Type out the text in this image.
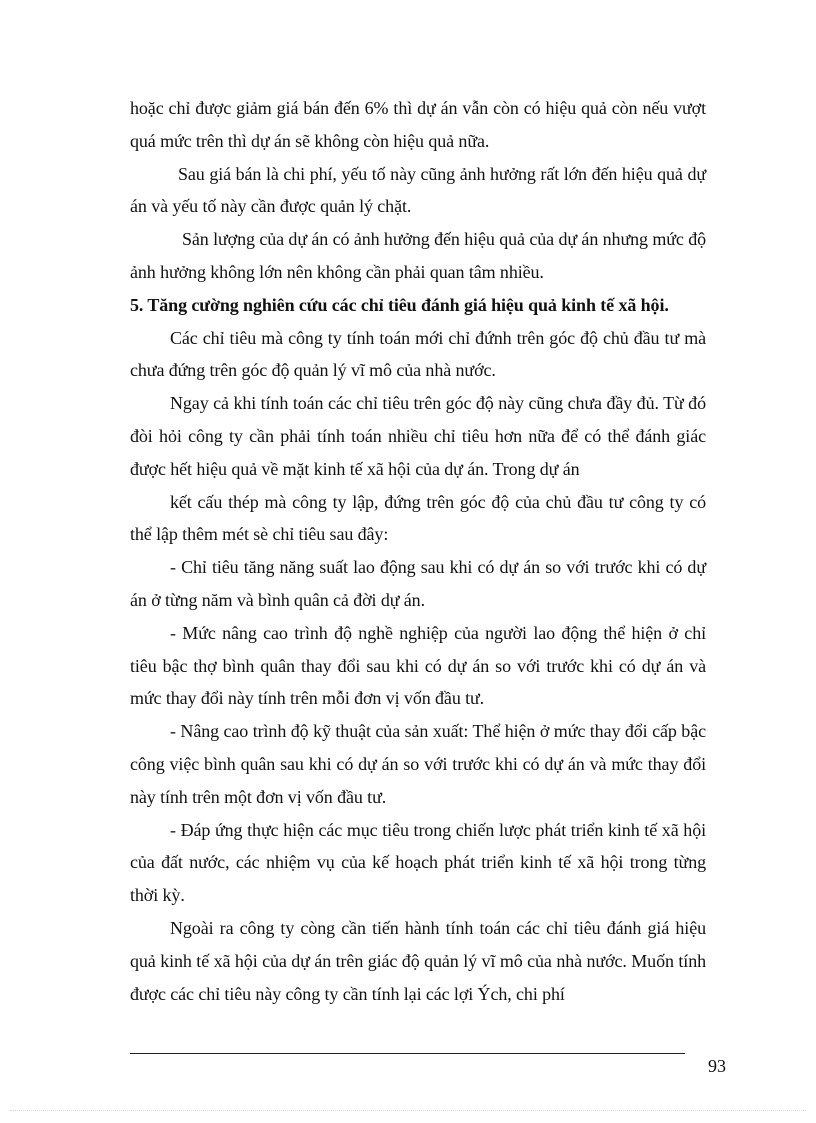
hoặc chỉ được giảm giá bán đến 6% thì dự án vẫn còn có hiệu quả còn nếu vượt quá mức trên thì dự án sẽ không còn hiệu quả nữa.

Sau giá bán là chi phí, yếu tố này cũng ảnh hưởng rất lớn đến hiệu quả dự án và yếu tố này cần được quản lý chặt.

Sản lượng của dự án có ảnh hưởng đến hiệu quả của dự án nhưng mức độ ảnh hưởng không lớn nên không cần phải quan tâm nhiều.

5. Tăng cường nghiên cứu các chỉ tiêu đánh giá hiệu quả kinh tế xã hội.

Các chỉ tiêu mà công ty tính toán mới chỉ đứnh trên góc độ chủ đầu tư mà chưa đứng trên góc độ quản lý vĩ mô của nhà nước.

Ngay cả khi tính toán các chỉ tiêu trên góc độ này cũng chưa đầy đủ. Từ đó đòi hỏi công ty cần phải tính toán nhiều chỉ tiêu hơn nữa để có thể đánh giác được hết hiệu quả về mặt kinh tế xã hội của dự án. Trong dự án

kết cấu thép mà công ty lập, đứng trên góc độ của chủ đầu tư công ty có thể lập thêm mét sè chỉ tiêu sau đây:

- Chỉ tiêu tăng năng suất lao động sau khi có dự án so với trước khi có dự án ở từng năm và bình quân cả đời dự án.

- Mức nâng cao trình độ nghề nghiệp của người lao động thể hiện ở chỉ tiêu bậc thợ bình quân thay đổi sau khi có dự án so với trước khi có dự án và mức thay đổi này tính trên mỗi đơn vị vốn đầu tư.

- Nâng cao trình độ kỹ thuật của sản xuất: Thể hiện ở mức thay đổi cấp bậc công việc bình quân sau khi có dự án so với trước khi có dự án và mức thay đổi này tính trên một đơn vị vốn đầu tư.

- Đáp ứng thực hiện các mục tiêu trong chiến lược phát triển kinh tế xã hội của đất nước, các nhiệm vụ của kế hoạch phát triển kinh tế xã hội trong từng thời kỳ.

Ngoài ra công ty còng cần tiến hành tính toán các chỉ tiêu đánh giá hiệu quả kinh tế xã hội của dự án trên giác độ quản lý vĩ mô của nhà nước. Muốn tính được các chỉ tiêu này công ty cần tính lại các lợi Ých, chi phí

93
